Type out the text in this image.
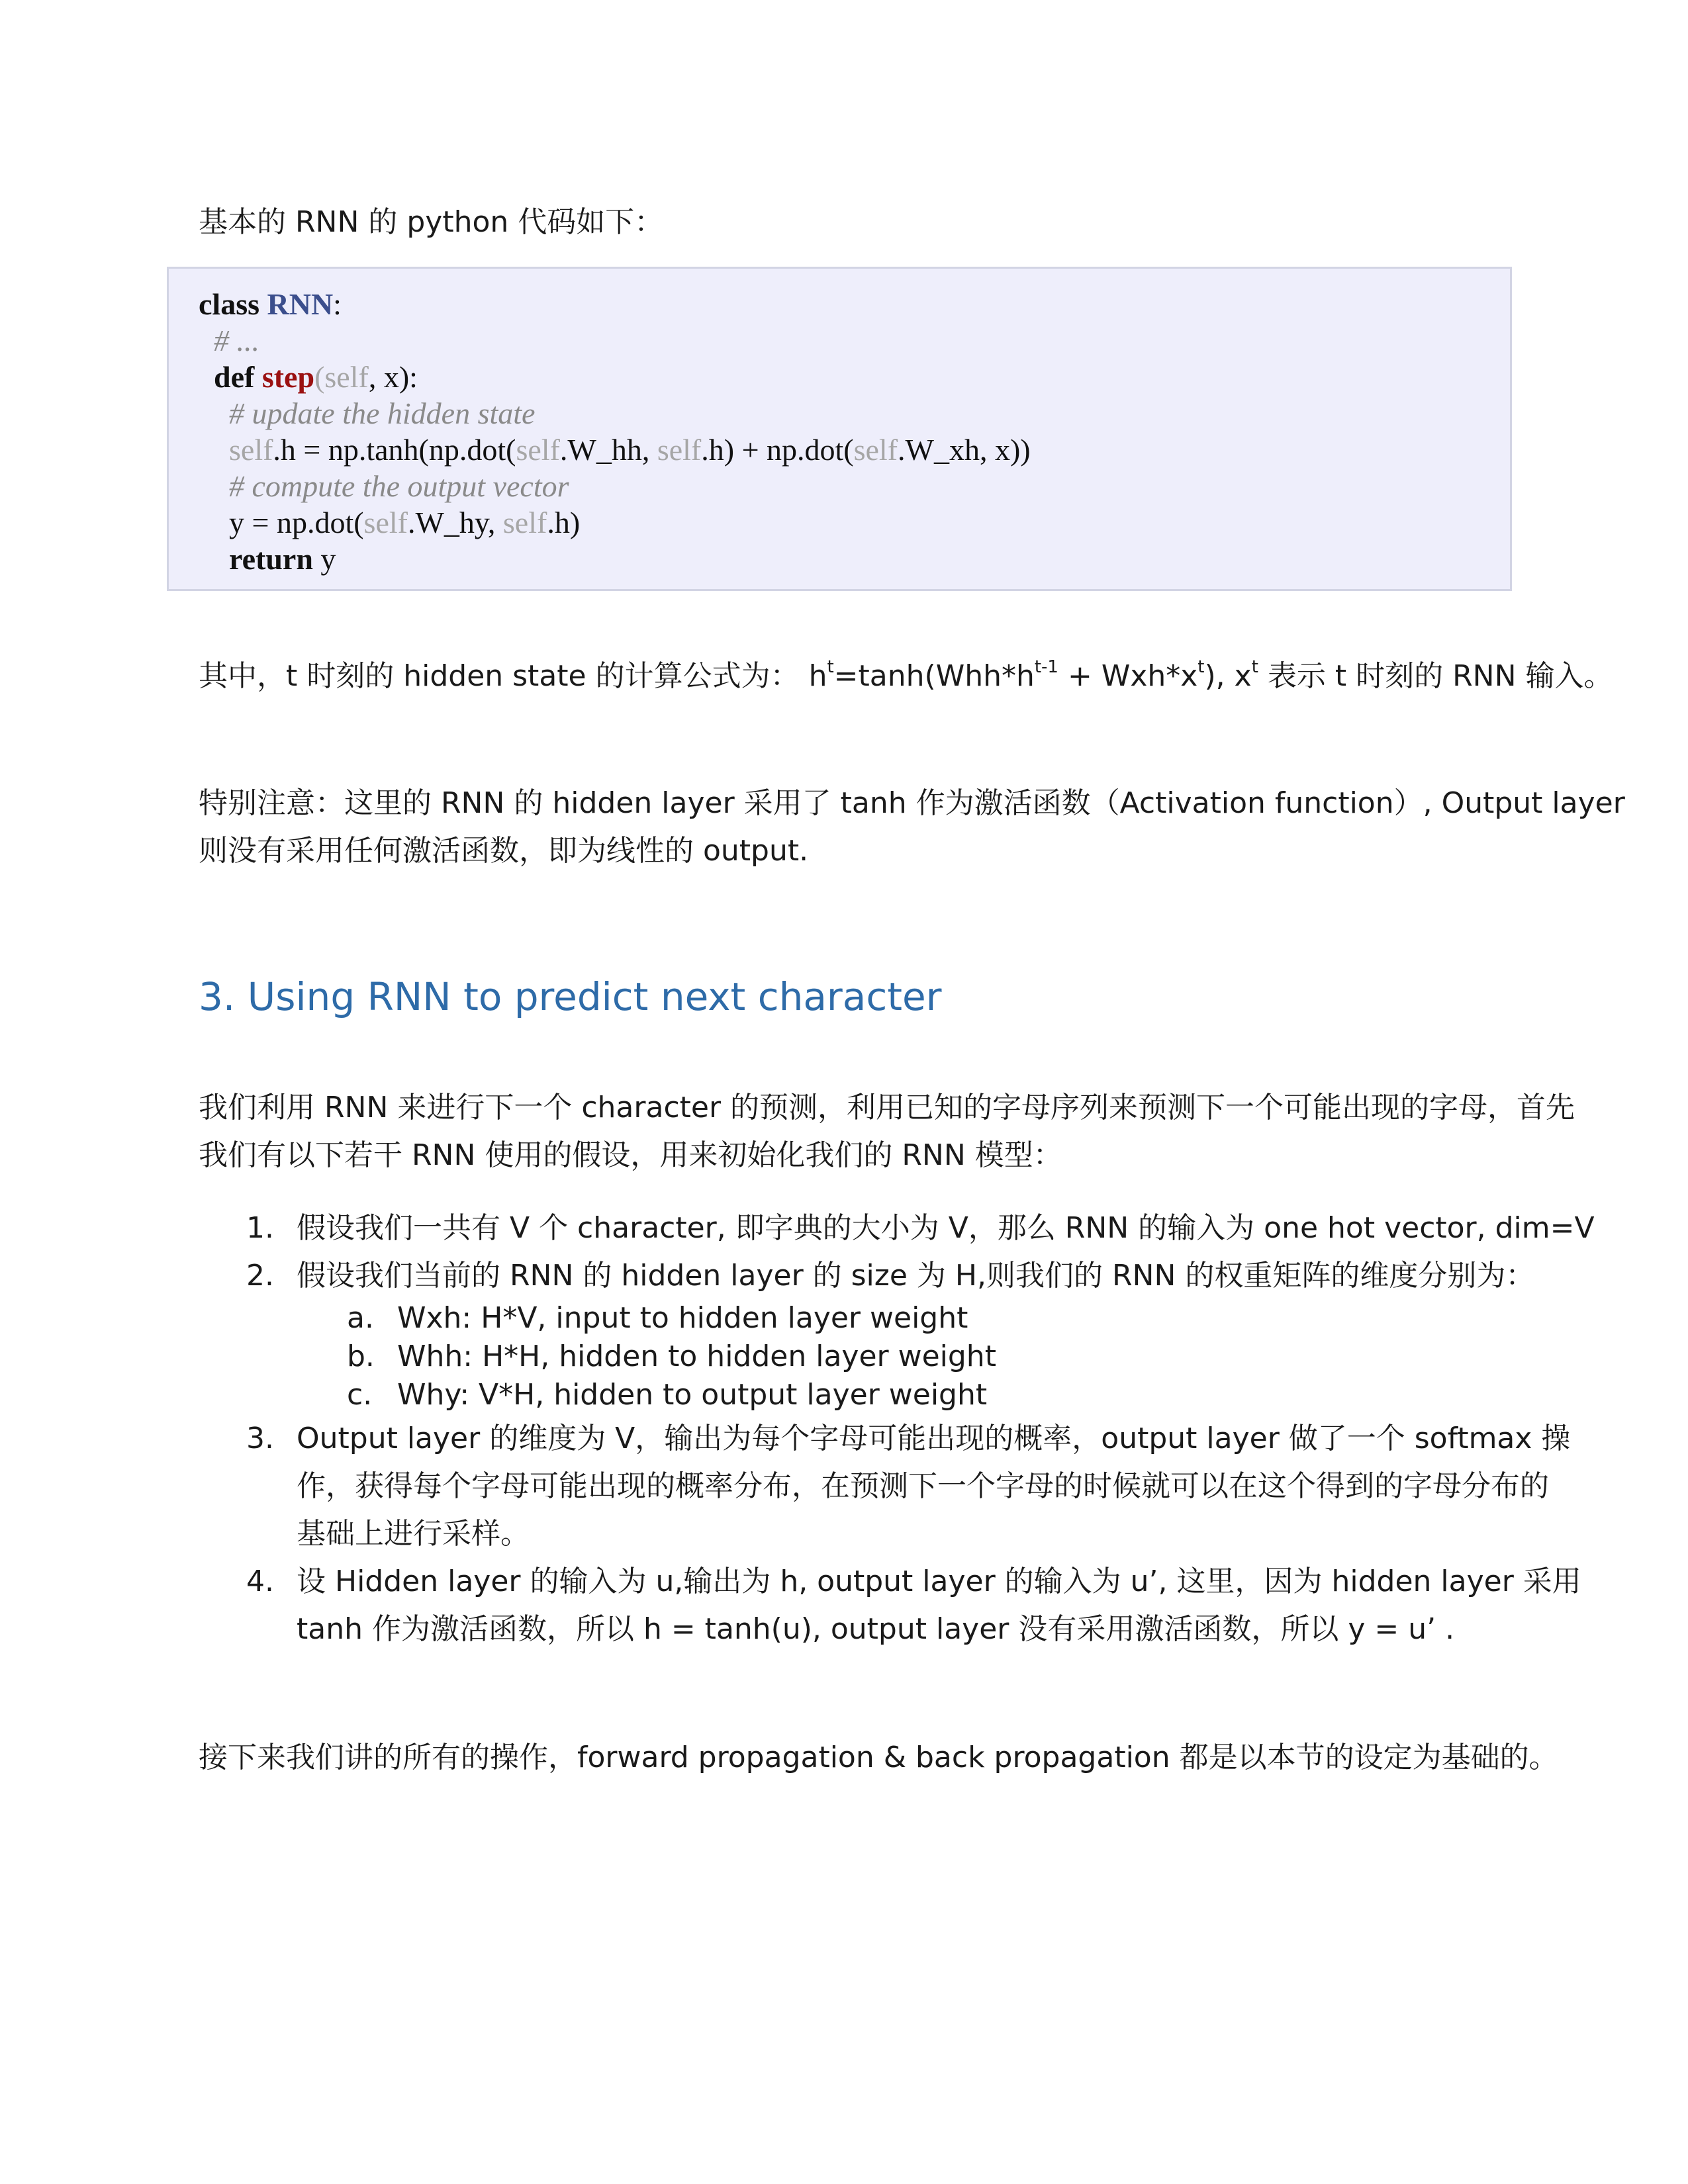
基本的 RNN 的 python 代码如下：
class RNN:
# ...
def step(self, x):
# update the hidden state
self.h = np.tanh(np.dot(self.W_hh, self.h) + np.dot(self.W_xh, x))
# compute the output vector
y = np.dot(self.W_hy, self.h)
return y
其中，t 时刻的 hidden state 的计算公式为： $h^t=\tanh(Whh*h^{t-1} + Wxh*x^t)$, $x^t$ 表示 t 时刻的 RNN 输入。
特别注意：这里的 RNN 的 hidden layer 采用了 tanh 作为激活函数（Activation function）, Output layer
则没有采用任何激活函数，即为线性的 output.
3. Using RNN to predict next character
我们利用 RNN 来进行下一个 character 的预测，利用已知的字母序列来预测下一个可能出现的字母，首先
我们有以下若干 RNN 使用的假设，用来初始化我们的 RNN 模型：
1. 假设我们一共有 V 个 character, 即字典的大小为 V，那么 RNN 的输入为 one hot vector, dim=V
2. 假设我们当前的 RNN 的 hidden layer 的 size 为 H,则我们的 RNN 的权重矩阵的维度分别为：
a. Wxh: H*V, input to hidden layer weight
b. Whh: H*H, hidden to hidden layer weight
c. Why: V*H, hidden to output layer weight
3. Output layer 的维度为 V，输出为每个字母可能出现的概率，output layer 做了一个 softmax 操
作，获得每个字母可能出现的概率分布，在预测下一个字母的时候就可以在这个得到的字母分布的
基础上进行采样。
4. 设 Hidden layer 的输入为 u,输出为 h, output layer 的输入为 u’, 这里，因为 hidden layer 采用
tanh 作为激活函数，所以 h = tanh(u), output layer 没有采用激活函数，所以 y = u’ .
接下来我们讲的所有的操作，forward propagation & back propagation 都是以本节的设定为基础的。
